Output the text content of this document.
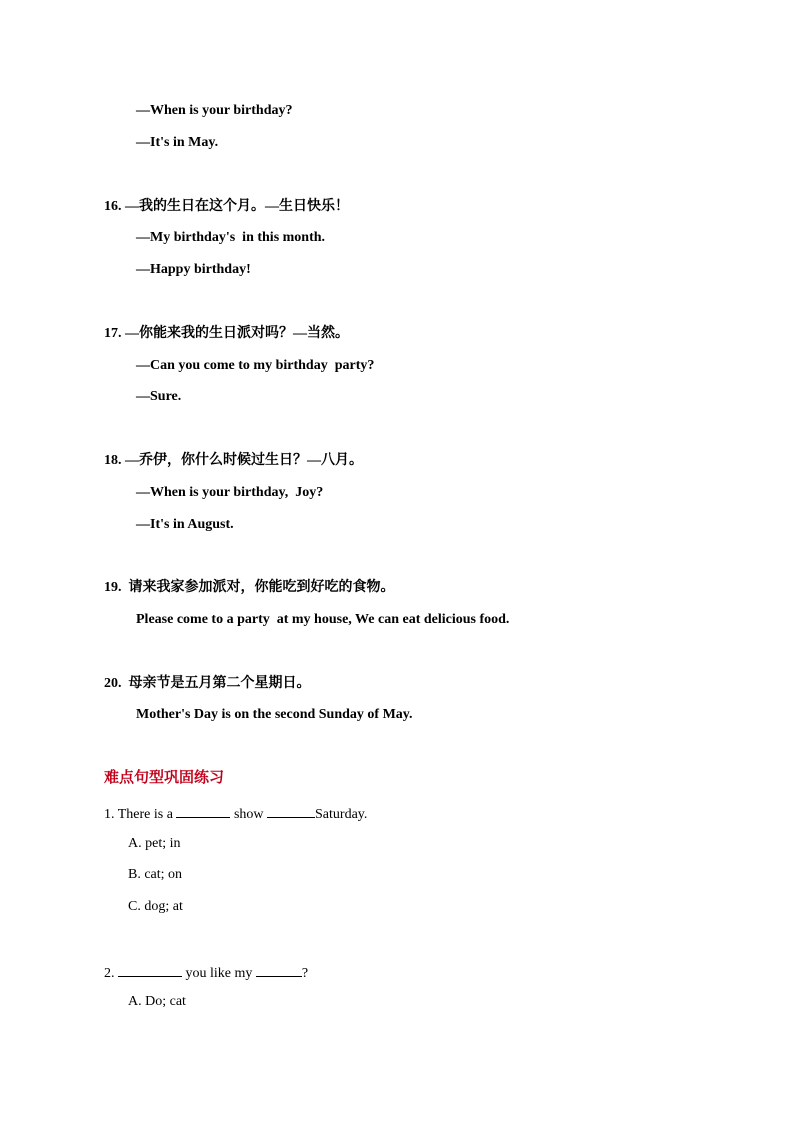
—When is your birthday?
—It's in May.
16. —我的生日在这个月。—生日快乐！
—My birthday's  in this month.
—Happy birthday!
17. —你能来我的生日派对吗？—当然。
—Can you come to my birthday  party?
—Sure.
18. —乔伊，你什么时候过生日？—八月。
—When is your birthday,  Joy?
—It's in August.
19. 请来我家参加派对，你能吃到好吃的食物。
Please come to a party  at my house, We can eat delicious food.
20. 母亲节是五月第二个星期日。
Mother's Day is on the second Sunday of May.
难点句型巩固练习
1. There is a	show	Saturday.
A. pet; in
B. cat; on
C. dog; at
2.	you like my	?
A. Do; cat
